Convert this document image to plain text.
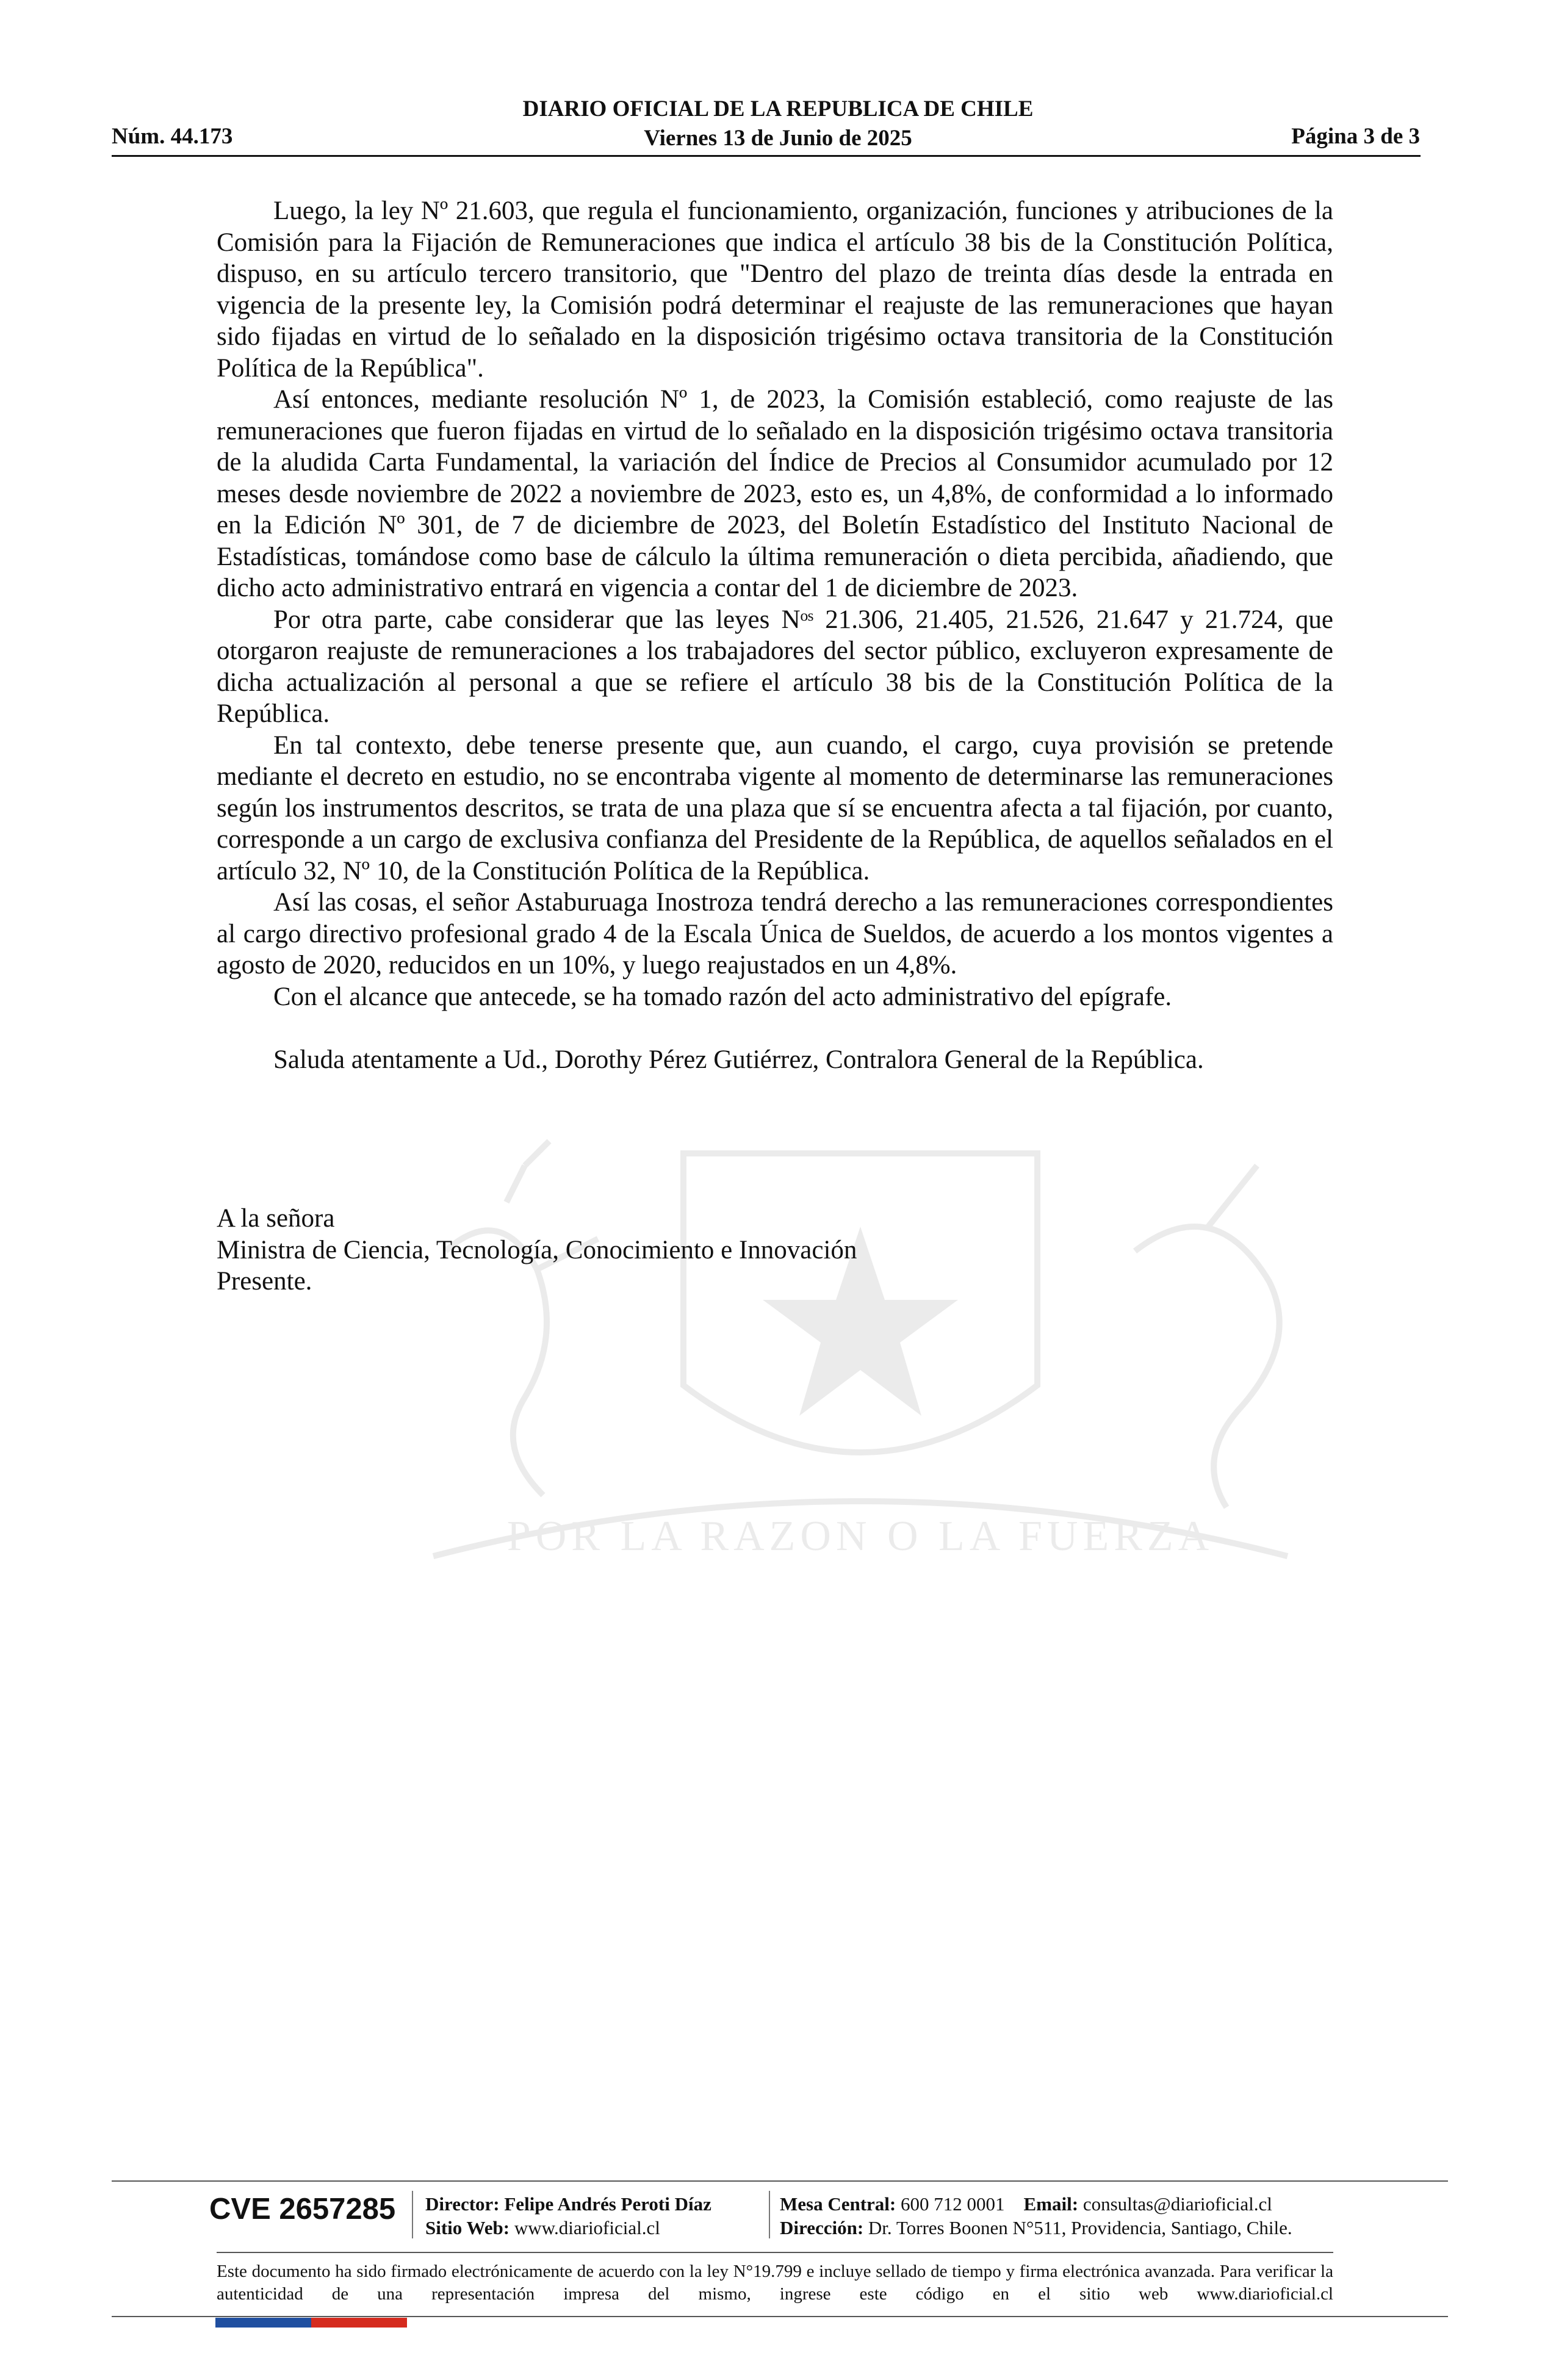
DIARIO OFICIAL DE LA REPUBLICA DE CHILE
Viernes 13 de Junio de 2025
Núm. 44.173	Página 3 de 3
POR LA RAZON O LA FUERZA

Luego, la ley Nº 21.603, que regula el funcionamiento, organización, funciones y atribuciones de la Comisión para la Fijación de Remuneraciones que indica el artículo 38 bis de la Constitución Política, dispuso, en su artículo tercero transitorio, que "Dentro del plazo de treinta días desde la entrada en vigencia de la presente ley, la Comisión podrá determinar el reajuste de las remuneraciones que hayan sido fijadas en virtud de lo señalado en la disposición trigésimo octava transitoria de la Constitución Política de la República".

Así entonces, mediante resolución Nº 1, de 2023, la Comisión estableció, como reajuste de las remuneraciones que fueron fijadas en virtud de lo señalado en la disposición trigésimo octava transitoria de la aludida Carta Fundamental, la variación del Índice de Precios al Consumidor acumulado por 12 meses desde noviembre de 2022 a noviembre de 2023, esto es, un 4,8%, de conformidad a lo informado en la Edición Nº 301, de 7 de diciembre de 2023, del Boletín Estadístico del Instituto Nacional de Estadísticas, tomándose como base de cálculo la última remuneración o dieta percibida, añadiendo, que dicho acto administrativo entrará en vigencia a contar del 1 de diciembre de 2023.

Por otra parte, cabe considerar que las leyes Nᵒˢ 21.306, 21.405, 21.526, 21.647 y 21.724, que otorgaron reajuste de remuneraciones a los trabajadores del sector público, excluyeron expresamente de dicha actualización al personal a que se refiere el artículo 38 bis de la Constitución Política de la República.

En tal contexto, debe tenerse presente que, aun cuando, el cargo, cuya provisión se pretende mediante el decreto en estudio, no se encontraba vigente al momento de determinarse las remuneraciones según los instrumentos descritos, se trata de una plaza que sí se encuentra afecta a tal fijación, por cuanto, corresponde a un cargo de exclusiva confianza del Presidente de la República, de aquellos señalados en el artículo 32, Nº 10, de la Constitución Política de la República.

Así las cosas, el señor Astaburuaga Inostroza tendrá derecho a las remuneraciones correspondientes al cargo directivo profesional grado 4 de la Escala Única de Sueldos, de acuerdo a los montos vigentes a agosto de 2020, reducidos en un 10%, y luego reajustados en un 4,8%.

Con el alcance que antecede, se ha tomado razón del acto administrativo del epígrafe.

Saluda atentamente a Ud., Dorothy Pérez Gutiérrez, Contralora General de la República.

A la señora
Ministra de Ciencia, Tecnología, Conocimiento e Innovación
Presente.
CVE 2657285 Director: Felipe Andrés Peroti Díaz
Sitio Web: www.diarioficial.cl
Mesa Central: 600 712 0001 Email: consultas@diarioficial.cl
Dirección: Dr. Torres Boonen N°511, Providencia, Santiago, Chile.
Este documento ha sido firmado electrónicamente de acuerdo con la ley N°19.799 e incluye sellado de tiempo y firma electrónica avanzada. Para verificar la autenticidad de una representación impresa del mismo, ingrese este código en el sitio web www.diarioficial.cl
